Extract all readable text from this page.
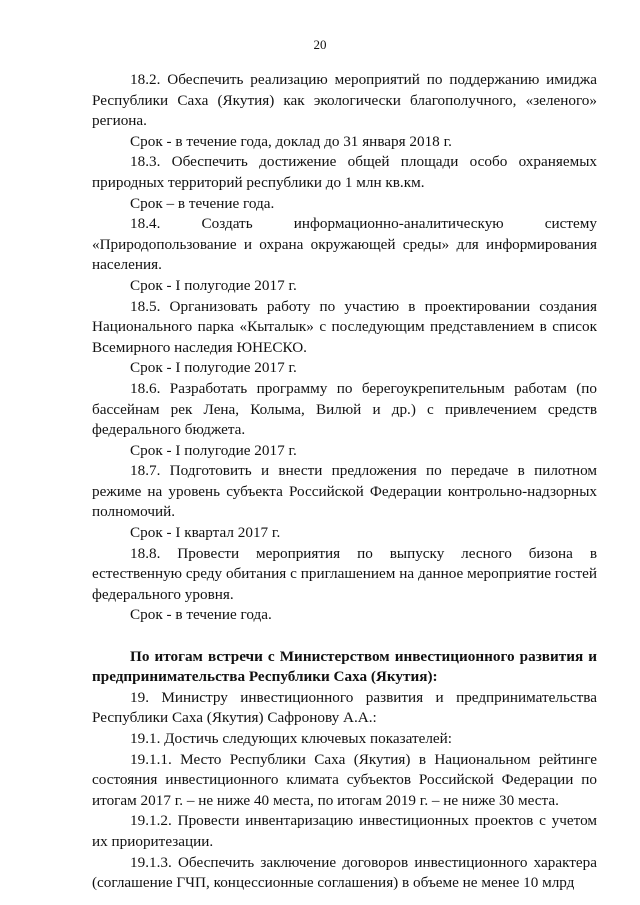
20

18.2. Обеспечить реализацию мероприятий по поддержанию имиджа Республики Саха (Якутия) как экологически благополучного, «зеленого» региона.

Срок - в течение года, доклад до 31 января 2018 г.

18.3. Обеспечить достижение общей площади особо охраняемых природных территорий республики до 1 млн кв.км.

Срок – в течение года.

18.4. Создать информационно-аналитическую систему «Природопользование и охрана окружающей среды» для информирования населения.

Срок - I полугодие 2017 г.

18.5. Организовать работу по участию в проектировании создания Национального парка «Кыталык» с последующим представлением в список Всемирного наследия ЮНЕСКО.

Срок - I полугодие 2017 г.

18.6. Разработать программу по берегоукрепительным работам (по бассейнам рек Лена, Колыма, Вилюй и др.) с привлечением средств федерального бюджета.

Срок - I полугодие 2017 г.

18.7. Подготовить и внести предложения по передаче в пилотном режиме на уровень субъекта Российской Федерации контрольно-надзорных полномочий.

Срок - I квартал 2017 г.

18.8. Провести мероприятия по выпуску лесного бизона в естественную среду обитания с приглашением на данное мероприятие гостей федерального уровня.

Срок - в течение года.

По итогам встречи с Министерством инвестиционного развития и предпринимательства Республики Саха (Якутия):

19. Министру инвестиционного развития и предпринимательства Республики Саха (Якутия) Сафронову А.А.:

19.1. Достичь следующих ключевых показателей:

19.1.1. Место Республики Саха (Якутия) в Национальном рейтинге состояния инвестиционного климата субъектов Российской Федерации по итогам 2017 г. – не ниже 40 места, по итогам 2019 г. – не ниже 30 места.

19.1.2. Провести инвентаризацию инвестиционных проектов с учетом их приоритезации.

19.1.3. Обеспечить заключение договоров инвестиционного характера (соглашение ГЧП, концессионные соглашения) в объеме не менее 10 млрд
